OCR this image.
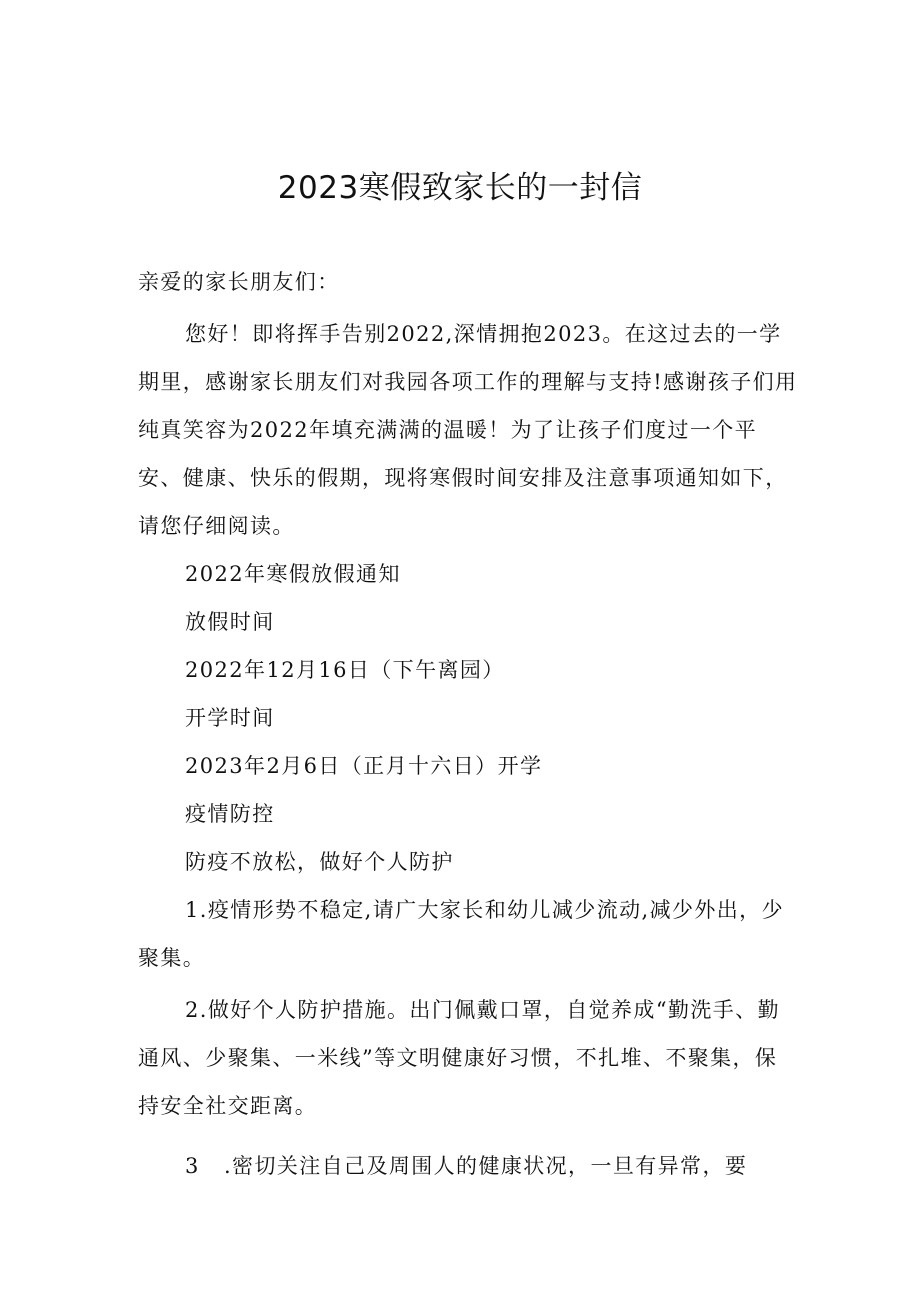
2023寒假致家长的一封信

亲爱的家长朋友们：

您好！即将挥手告别2022,深情拥抱2023。在这过去的一学期里，感谢家长朋友们对我园各项工作的理解与支持!感谢孩子们用纯真笑容为2022年填充满满的温暖！为了让孩子们度过一个平安、健康、快乐的假期，现将寒假时间安排及注意事项通知如下，请您仔细阅读。

2022年寒假放假通知

放假时间

2022年12月16日（下午离园）

开学时间

2023年2月6日（正月十六日）开学

疫情防控

防疫不放松，做好个人防护

1.疫情形势不稳定,请广大家长和幼儿减少流动,减少外出，少聚集。

2.做好个人防护措施。出门佩戴口罩，自觉养成“勤洗手、勤通风、少聚集、一米线”等文明健康好习惯，不扎堆、不聚集，保持安全社交距离。

3   .密切关注自己及周围人的健康状况，一旦有异常，要
